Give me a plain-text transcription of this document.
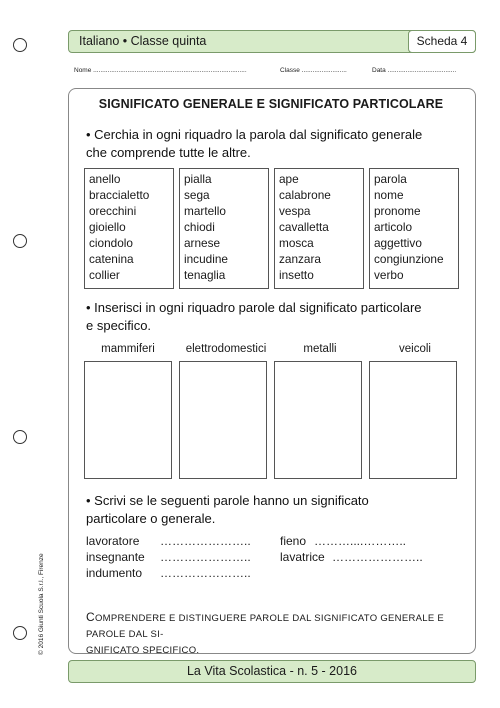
Italiano • Classe quinta	Scheda 4
Nome .....................................................................................	Classe .........................	Data ......................................
SIGNIFICATO GENERALE E SIGNIFICATO PARTICOLARE
• Cerchia in ogni riquadro la parola dal significato generale
che comprende tutte le altre.
anello
braccialetto
orecchini
gioiello
ciondolo
catenina
collier
pialla
sega
martello
chiodi
arnese
incudine
tenaglia
ape
calabrone
vespa
cavalletta
mosca
zanzara
insetto
parola
nome
pronome
articolo
aggettivo
congiunzione
verbo
• Inserisci in ogni riquadro parole dal significato particolare
e specifico.
mammiferi	elettrodomestici	metalli	veicoli
• Scrivi se le seguenti parole hanno un significato
particolare o generale.
lavoratore …………………..
insegnante …………………..
indumento …………………..
fieno ………....………..
lavatrice …………………..
COMPRENDERE E DISTINGUERE PAROLE DAL SIGNIFICATO GENERALE E PAROLE DAL SI-
GNIFICATO SPECIFICO.
© 2016 Giunti Scuola S.r.l., Firenze
La Vita Scolastica - n. 5 - 2016
